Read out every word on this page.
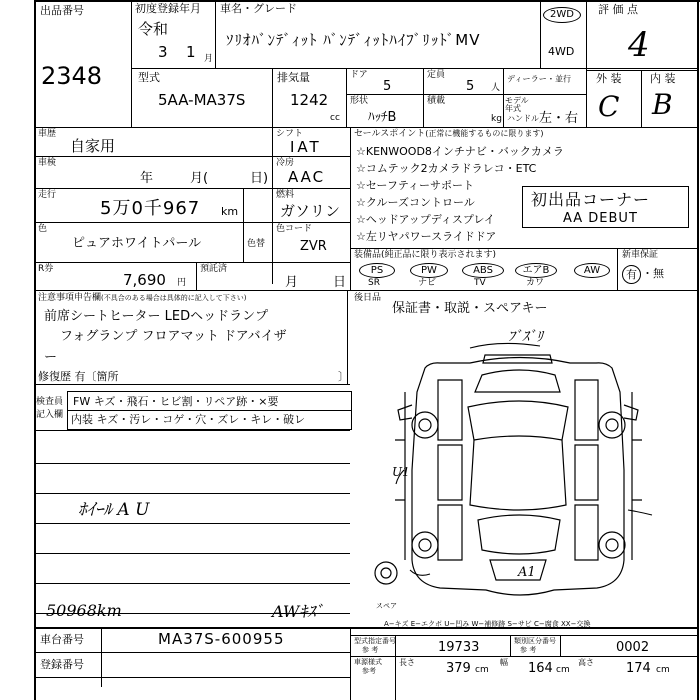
出品番号
2348
初度登録年月
令和
3 1 月
車名・グレード
ｿﾘｵﾊﾞﾝﾃﾞｨｯﾄ ﾊﾞﾝﾃﾞｨｯﾄﾊｲﾌﾞﾘｯﾄﾞMV
2WD
4WD
評 価 点
4
外 装	内 装
C B
型式
5AA-MA37S
排気量
1242
cc
ドア
5
定員
5 人
ディーラー・並行
モデル年式
形状
ﾊｯﾁB
積載
kg ハンドル 左・右
車歴
自家用
シフト
IAT
車検
年	月(	日)
冷房
AAC
走行
5万0千967 km
燃料
ガソリン
色
ピュアホワイトパール	色替
色コード
ZVR
R券
7,690 円
預託済
月	日
セールスポイント(正常に機能するものに限ります)
☆KENWOOD8インチナビ・バックカメラ
☆コムテック2カメラドラレコ・ETC
☆セーフティーサポート
☆クルーズコントロール
☆ヘッドアップディスプレイ
☆左リヤパワースライドドア
初出品コーナー
AA DEBUT
装備品(純正品に限り表示されます)
PS	PW	ABS	エアB	AW
SR	ナビ	TV	カワ
新車保証
有 ・無
注意事項申告欄(不具合のある場合は具体的に記入して下さい)
前席シートヒーター LEDヘッドランプ
フォグランプ フロアマット ドアバイザ
ー
修復歴 有〔箇所	〕
後日品
保証書・取説・スペアキー
検査員
記入欄
FW キズ・飛石・ヒビ割・リペア跡・×要
内装 キズ・汚レ・コゲ・穴・ズレ・キレ・破レ
ﾎｲｰﾙ A U
50968km	AWｷｽﾞ
ﾌﾞｽﾞﾘ
U1
A1
スペア
A−キズ E−エクボ U−凹み W−補修跡 S−サビ C−腐食 XX−交換
車台番号	MA37S-600955
登録番号
型式指定番号
参 考	19733	類別区分番号
参 考	0002
車源様式
参考
長さ 379 cm
幅 164 cm
高さ 174 cm
